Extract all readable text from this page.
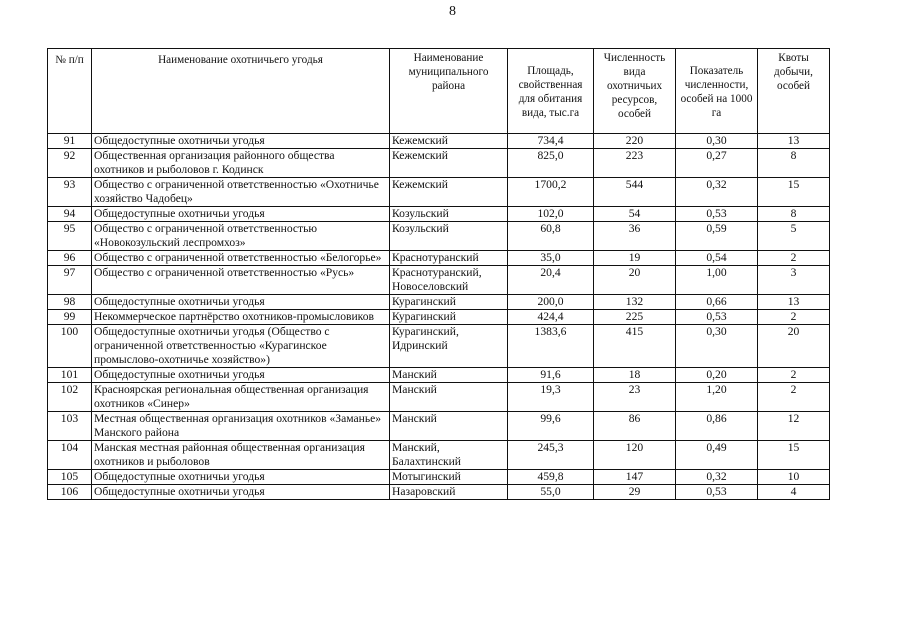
8
№ п/п	Наименование охотничьего угодья	Наименование муниципального района	Площадь, свойственная для обитания вида, тыс.га	Численность вида охотничьих ресурсов, особей	Показатель численности, особей на 1000 га	Квоты добычи, особей
91	Общедоступные охотничьи угодья	Кежемский	734,4	220	0,30	13
92	Общественная организация районного общества охотников и рыболовов г. Кодинск	Кежемский	825,0	223	0,27	8
93	Общество с ограниченной ответственностью «Охотничье хозяйство Чадобец»	Кежемский	1700,2	544	0,32	15
94	Общедоступные охотничьи угодья	Козульский	102,0	54	0,53	8
95	Общество с ограниченной ответственностью «Новокозульский леспромхоз»	Козульский	60,8	36	0,59	5
96	Общество с ограниченной ответственностью «Белогорье»	Краснотуранский	35,0	19	0,54	2
97	Общество с ограниченной ответственностью «Русь»	Краснотуранский, Новоселовский	20,4	20	1,00	3
98	Общедоступные охотничьи угодья	Курагинский	200,0	132	0,66	13
99	Некоммерческое партнёрство охотников-промысловиков	Курагинский	424,4	225	0,53	2
100	Общедоступные охотничьи угодья (Общество с ограниченной ответственностью «Курагинское промыслово-охотничье хозяйство»)	Курагинский, Идринский	1383,6	415	0,30	20
101	Общедоступные охотничьи угодья	Манский	91,6	18	0,20	2
102	Красноярская региональная общественная организация охотников «Синер»	Манский	19,3	23	1,20	2
103	Местная общественная организация охотников «Заманье» Манского района	Манский	99,6	86	0,86	12
104	Манская местная районная общественная организация охотников и рыболовов	Манский, Балахтинский	245,3	120	0,49	15
105	Общедоступные охотничьи угодья	Мотыгинский	459,8	147	0,32	10
106	Общедоступные охотничьи угодья	Назаровский	55,0	29	0,53	4
